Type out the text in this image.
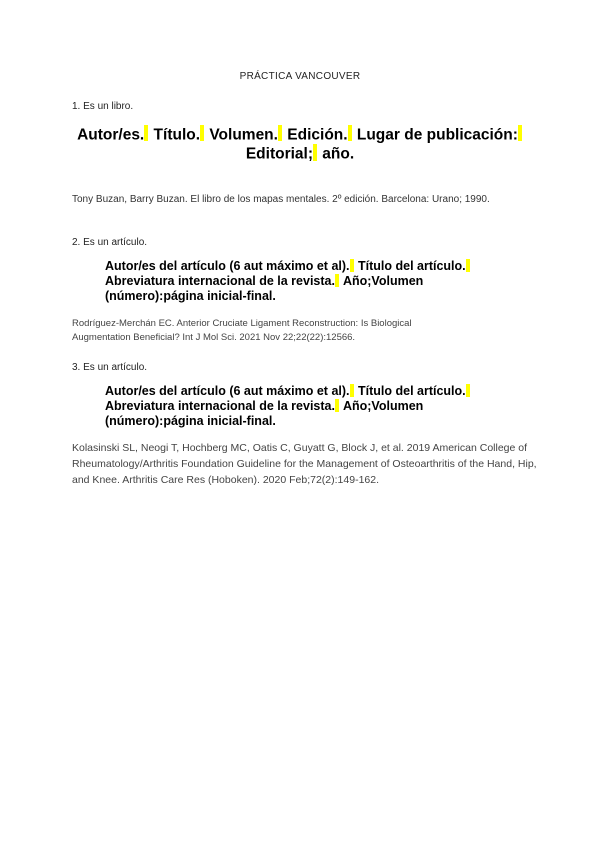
PRÁCTICA VANCOUVER
1. Es un libro.
Autor/es. Título. Volumen. Edición. Lugar de publicación:
Editorial; año.
Tony Buzan, Barry Buzan. El libro de los mapas mentales. 2º edición. Barcelona: Urano; 1990.
2. Es un artículo.
Autor/es del artículo (6 aut máximo et al). Título del artículo. Abreviatura internacional de la revista. Año;Volumen (número):página inicial-final.
Rodríguez-Merchán EC. Anterior Cruciate Ligament Reconstruction: Is Biological Augmentation Beneficial? Int J Mol Sci. 2021 Nov 22;22(22):12566.
3. Es un artículo.
Autor/es del artículo (6 aut máximo et al). Título del artículo. Abreviatura internacional de la revista. Año;Volumen (número):página inicial-final.
Kolasinski SL, Neogi T, Hochberg MC, Oatis C, Guyatt G, Block J, et al. 2019 American College of Rheumatology/Arthritis Foundation Guideline for the Management of Osteoarthritis of the Hand, Hip, and Knee. Arthritis Care Res (Hoboken). 2020 Feb;72(2):149-162.
